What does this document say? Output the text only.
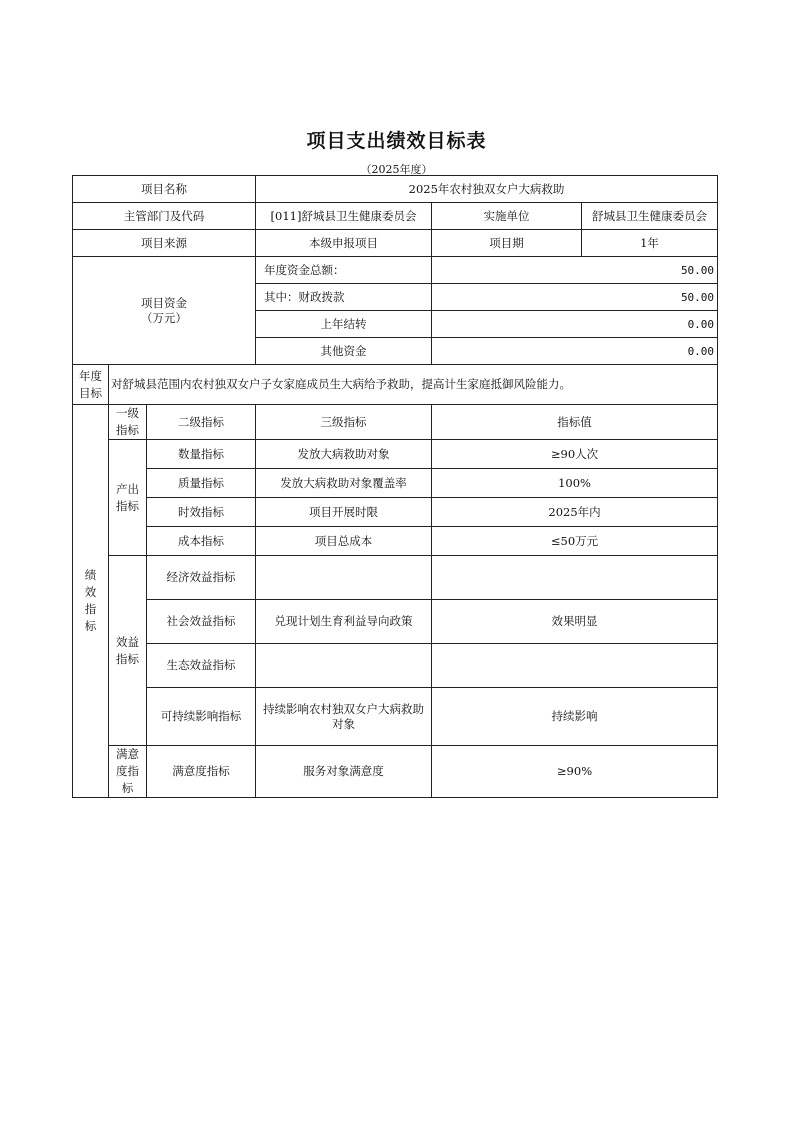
项目支出绩效目标表
（2025年度）
项目名称			2025年农村独双女户大病救助		
主管部门及代码			[011]舒城县卫生健康委员会	实施单位	舒城县卫生健康委员会
项目来源			本级申报项目	项目期	1年
项目资金
（万元）			年度资金总额：	50.00	
			其中：财政拨款	50.00	
			上年结转	0.00	
			其他资金	0.00	
年度目标	对舒城县范围内农村独双女户子女家庭成员生大病给予救助，提高计生家庭抵御风险能力。				
绩效指标	一级指标	二级指标	三级指标	指标值	
	产出指标	数量指标	发放大病救助对象	≥90人次	
		质量指标	发放大病救助对象覆盖率	100%	
		时效指标	项目开展时限	2025年内	
		成本指标	项目总成本	≤50万元	
	效益指标	经济效益指标			
		社会效益指标	兑现计划生育利益导向政策	效果明显	
		生态效益指标			
		可持续影响指标	持续影响农村独双女户大病救助对象	持续影响	
	满意度指标	满意度指标	服务对象满意度	≥90%	
